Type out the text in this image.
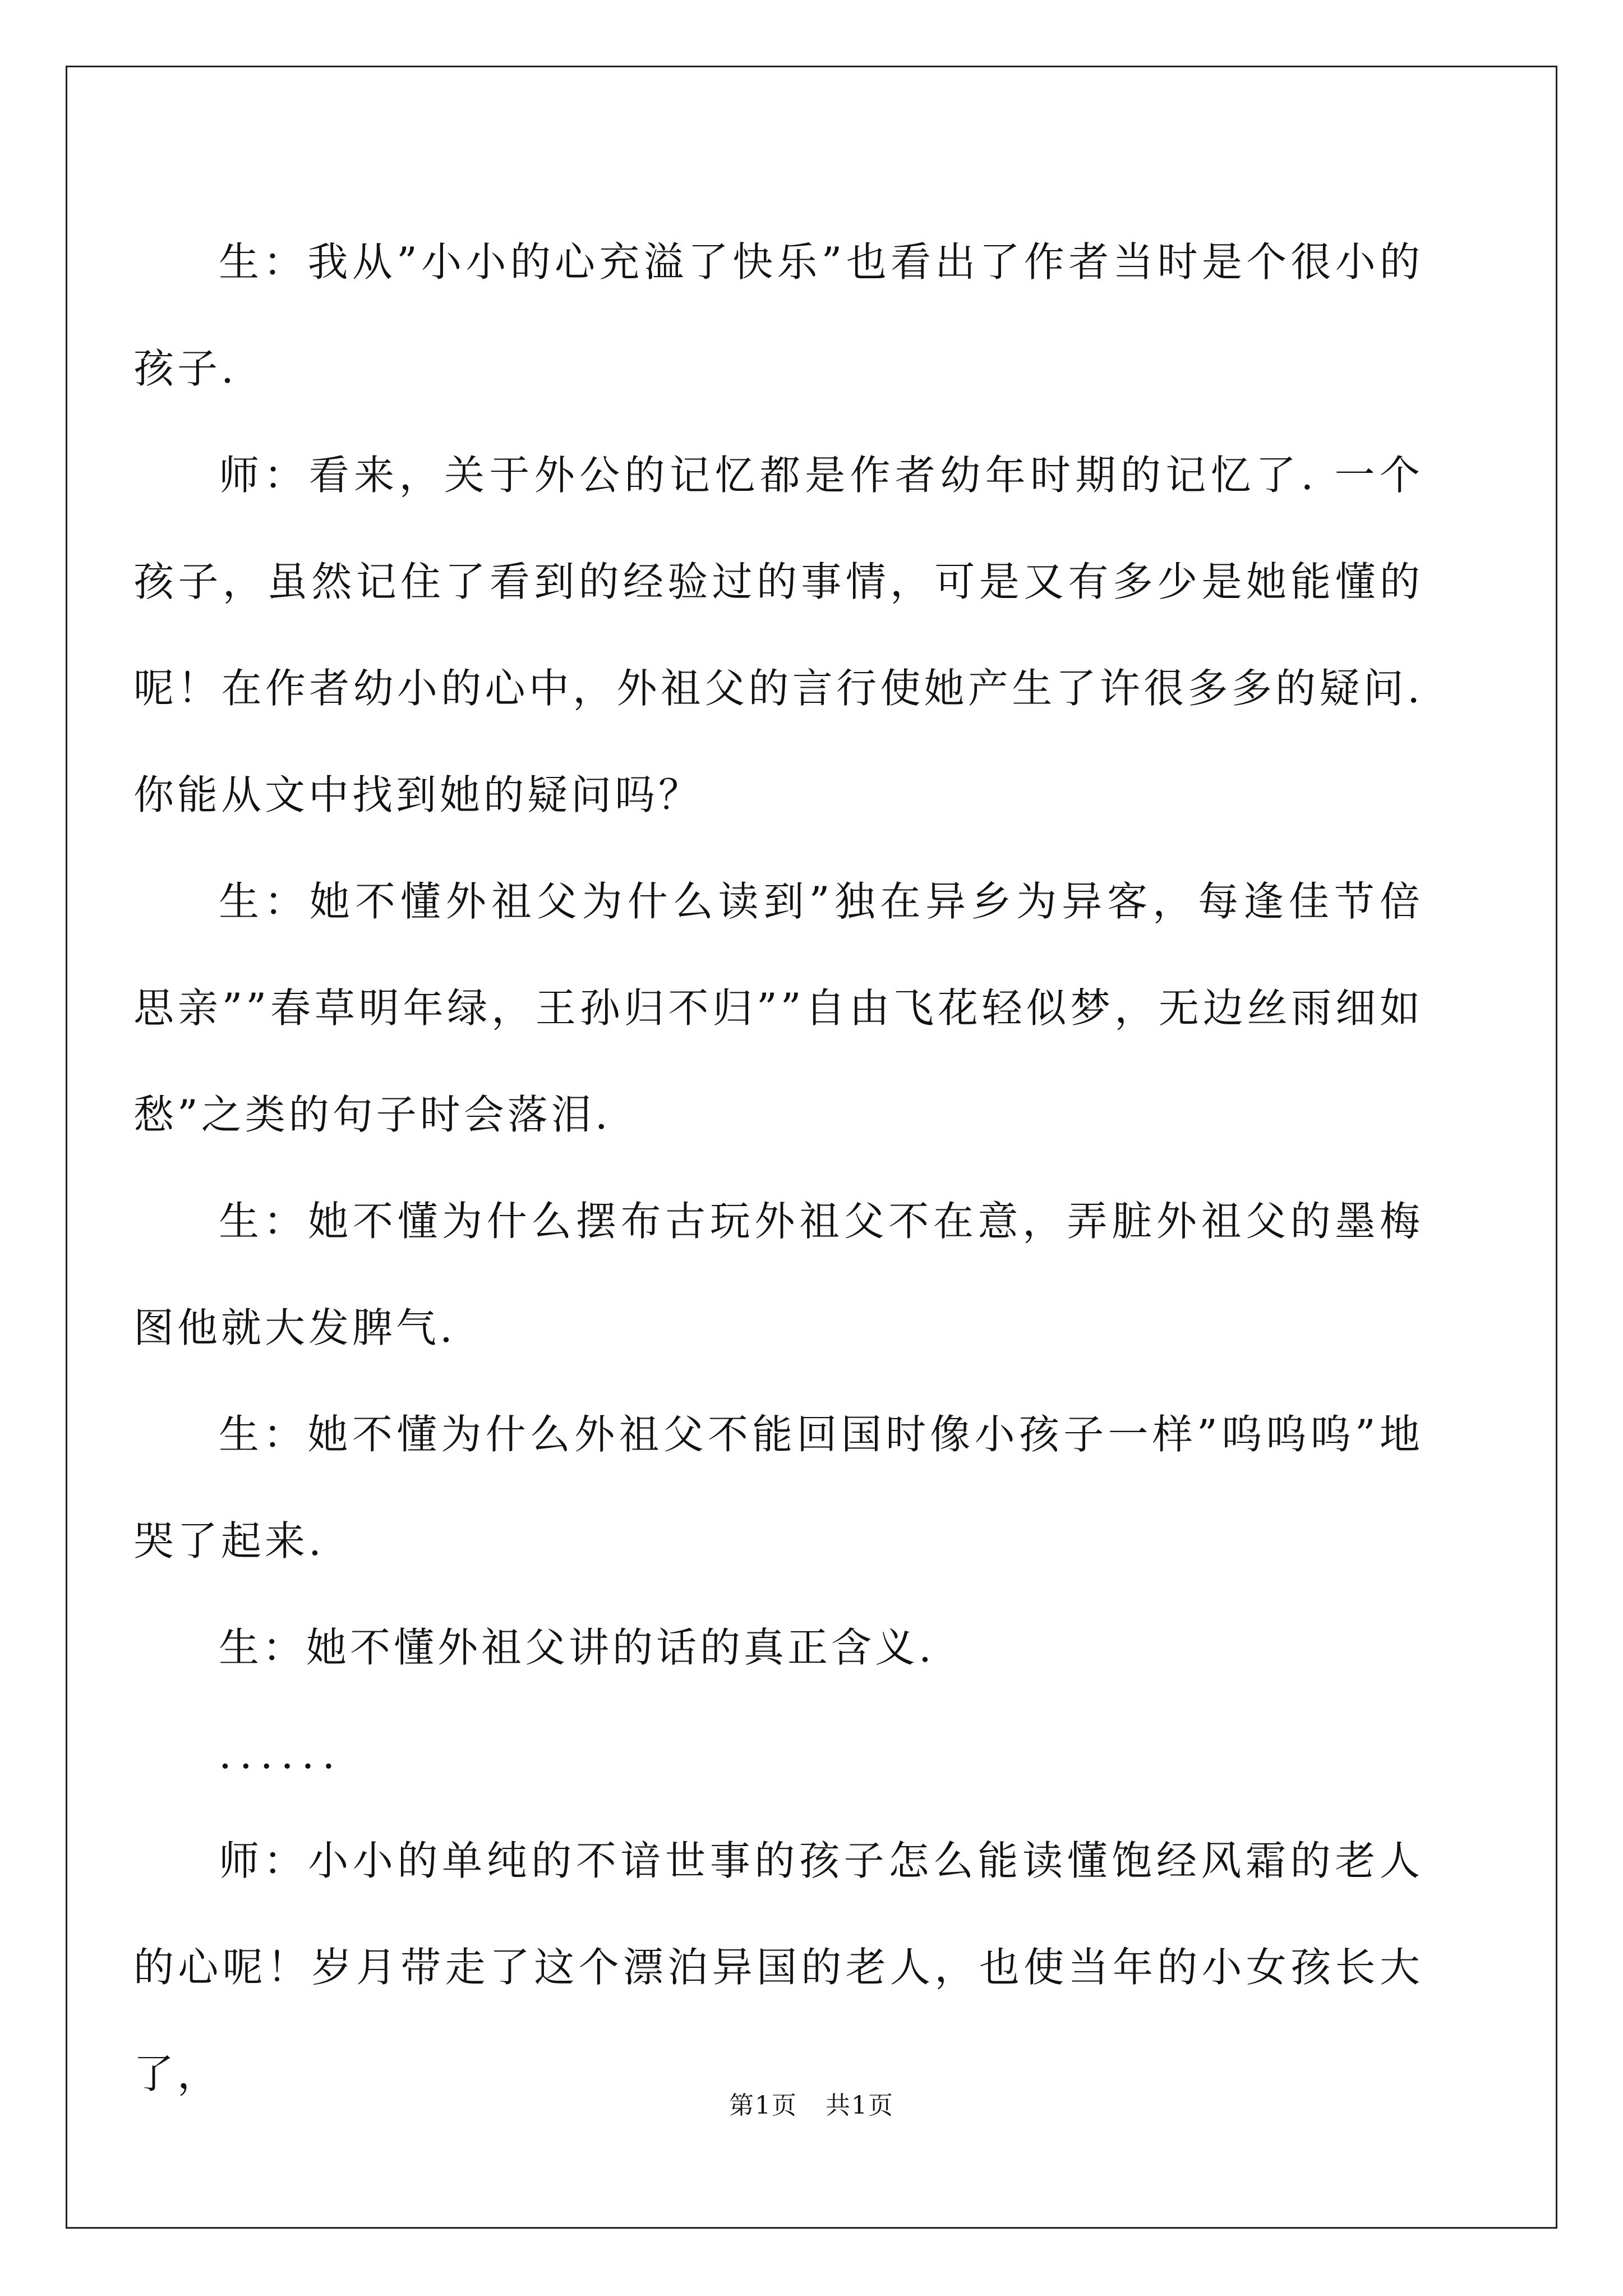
生：我从”小小的心充溢了快乐”也看出了作者当时是个很小的孩子.

师：看来，关于外公的记忆都是作者幼年时期的记忆了. 一个孩子，虽然记住了看到的经验过的事情，可是又有多少是她能懂的呢！在作者幼小的心中，外祖父的言行使她产生了许很多多的疑问. 你能从文中找到她的疑问吗？

生：她不懂外祖父为什么读到”独在异乡为异客，每逢佳节倍思亲””春草明年绿，王孙归不归””自由飞花轻似梦，无边丝雨细如愁”之类的句子时会落泪.

生：她不懂为什么摆布古玩外祖父不在意，弄脏外祖父的墨梅图他就大发脾气.

生：她不懂为什么外祖父不能回国时像小孩子一样”呜呜呜”地哭了起来.

生：她不懂外祖父讲的话的真正含义.

......

师：小小的单纯的不谙世事的孩子怎么能读懂饱经风霜的老人的心呢！岁月带走了这个漂泊异国的老人，也使当年的小女孩长大了，

第1页 共1页
